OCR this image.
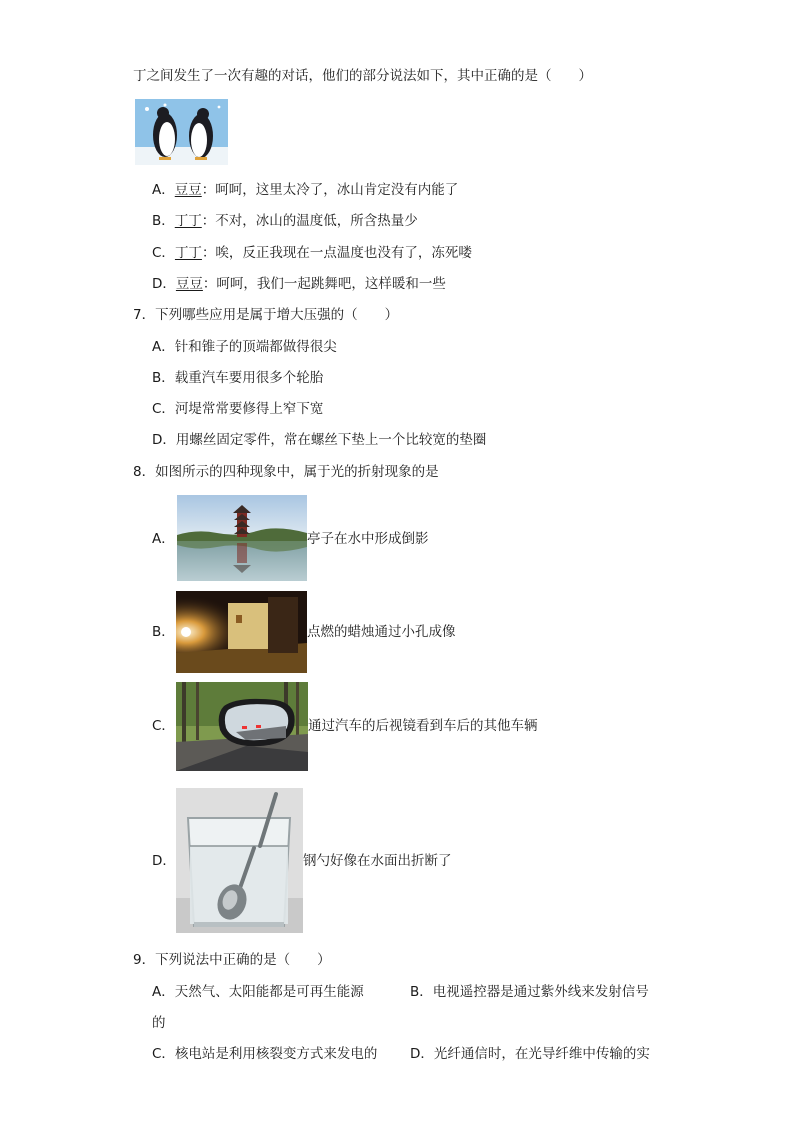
丁之间发生了一次有趣的对话，他们的部分说法如下，其中正确的是（　　）
A．豆豆：呵呵，这里太冷了，冰山肯定没有内能了
B．丁丁：不对，冰山的温度低，所含热量少
C．丁丁：唉，反正我现在一点温度也没有了，冻死喽
D．豆豆：呵呵，我们一起跳舞吧，这样暖和一些
7．下列哪些应用是属于增大压强的（　　）
A．针和锥子的顶端都做得很尖
B．载重汽车要用很多个轮胎
C．河堤常常要修得上窄下宽
D．用螺丝固定零件，常在螺丝下垫上一个比较宽的垫圈
8．如图所示的四种现象中，属于光的折射现象的是
A．	亭子在水中形成倒影
B．	点燃的蜡烛通过小孔成像
C．	通过汽车的后视镜看到车后的其他车辆
D．	钢勺好像在水面出折断了
9．下列说法中正确的是（　　）
A．天然气、太阳能都是可再生能源	B．电视遥控器是通过紫外线来发射信号
的
C．核电站是利用核裂变方式来发电的 D．光纤通信时，在光导纤维中传输的实
